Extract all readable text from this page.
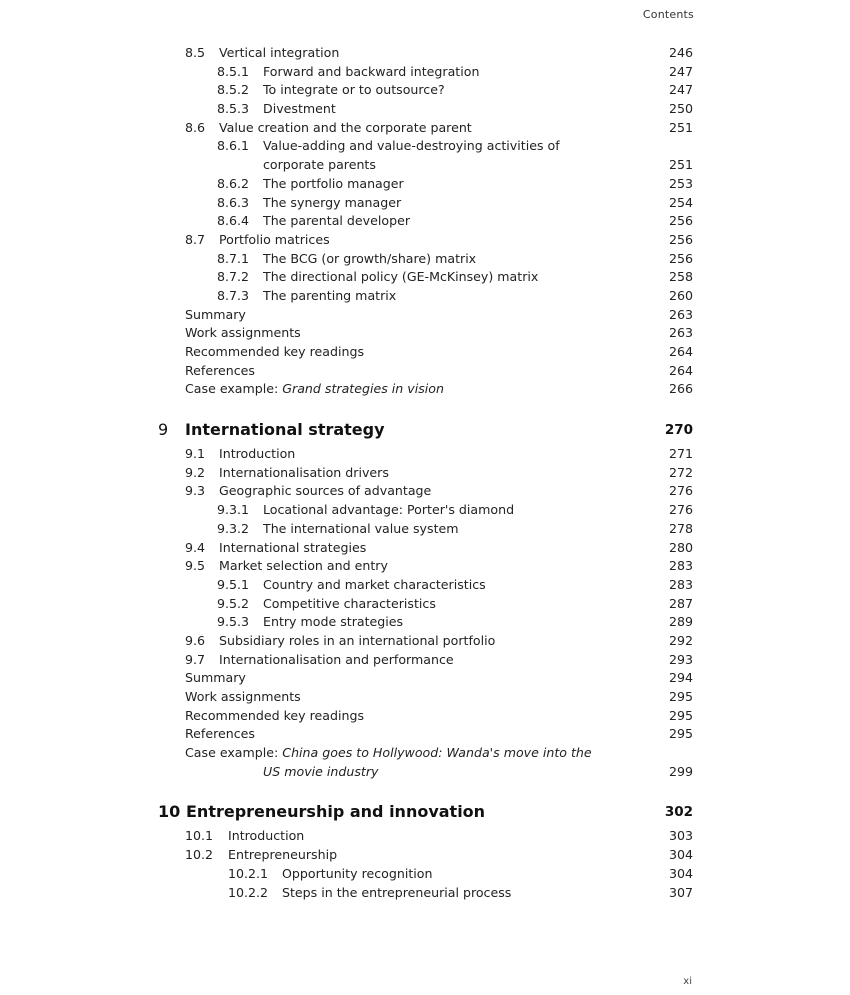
Contents
8.5 Vertical integration	246
8.5.1 Forward and backward integration	247
8.5.2 To integrate or to outsource?	247
8.5.3 Divestment	250
8.6 Value creation and the corporate parent	251
8.6.1 Value-adding and value-destroying activities of
corporate parents	251
8.6.2 The portfolio manager	253
8.6.3 The synergy manager	254
8.6.4 The parental developer	256
8.7 Portfolio matrices	256
8.7.1 The BCG (or growth/share) matrix	256
8.7.2 The directional policy (GE-McKinsey) matrix	258
8.7.3 The parenting matrix	260
Summary	263
Work assignments	263
Recommended key readings	264
References	264
Case example: Grand strategies in vision	266
9 International strategy	270
9.1 Introduction	271
9.2 Internationalisation drivers	272
9.3 Geographic sources of advantage	276
9.3.1 Locational advantage: Porter's diamond	276
9.3.2 The international value system	278
9.4 International strategies	280
9.5 Market selection and entry	283
9.5.1 Country and market characteristics	283
9.5.2 Competitive characteristics	287
9.5.3 Entry mode strategies	289
9.6 Subsidiary roles in an international portfolio	292
9.7 Internationalisation and performance	293
Summary	294
Work assignments	295
Recommended key readings	295
References	295
Case example: China goes to Hollywood: Wanda's move into the
US movie industry	299
10 Entrepreneurship and innovation	302
10.1 Introduction	303
10.2 Entrepreneurship	304
10.2.1 Opportunity recognition	304
10.2.2 Steps in the entrepreneurial process	307
xi
